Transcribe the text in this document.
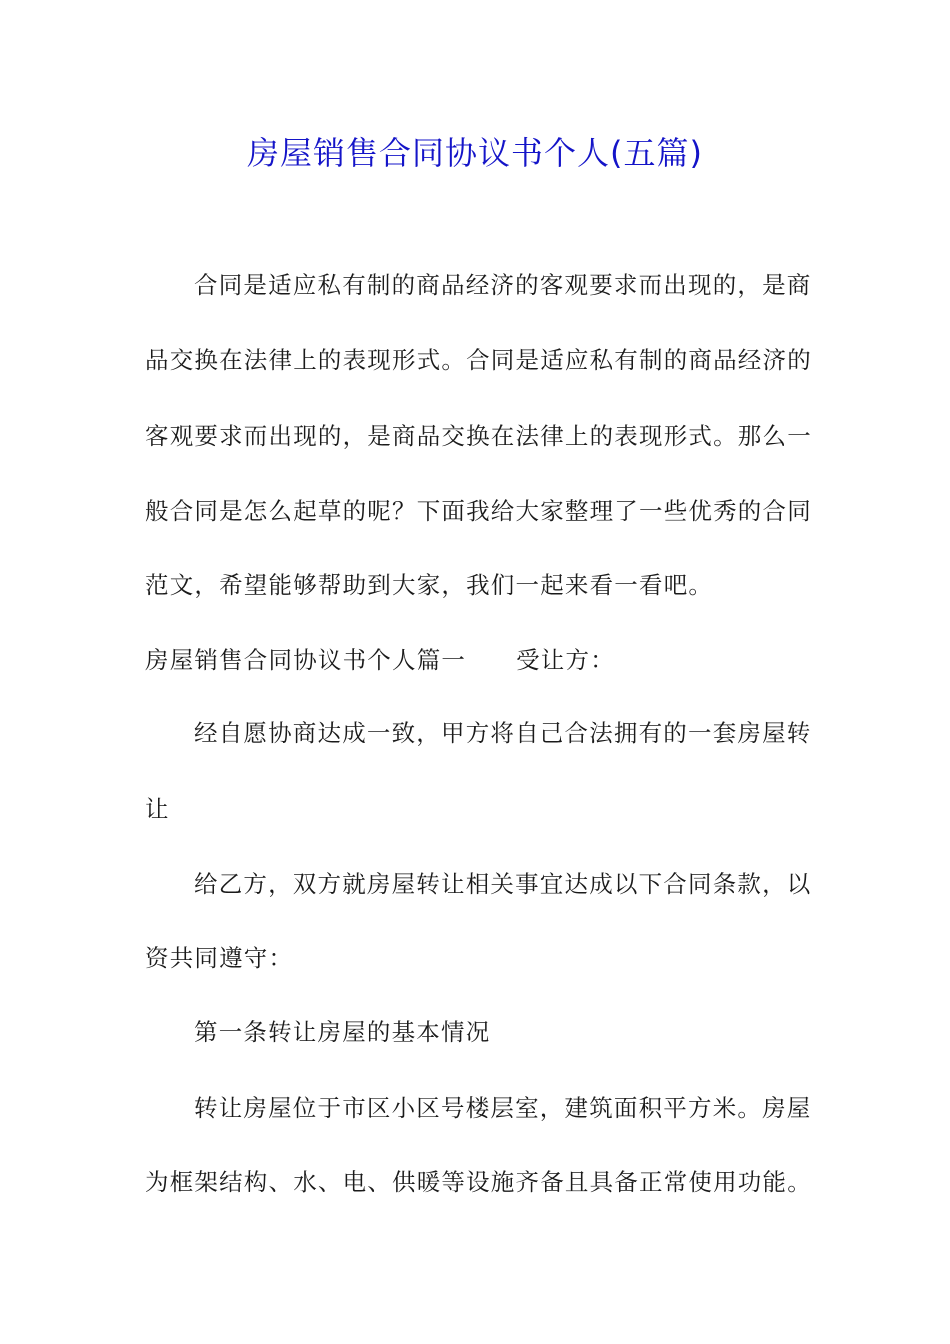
房屋销售合同协议书个人(五篇)
合同是适应私有制的商品经济的客观要求而出现的，是商
品交换在法律上的表现形式。合同是适应私有制的商品经济的
客观要求而出现的，是商品交换在法律上的表现形式。那么一
般合同是怎么起草的呢？下面我给大家整理了一些优秀的合同
范文，希望能够帮助到大家，我们一起来看一看吧。
房屋销售合同协议书个人篇一 受让方：
经自愿协商达成一致，甲方将自己合法拥有的一套房屋转
让
给乙方，双方就房屋转让相关事宜达成以下合同条款，以
资共同遵守：
第一条转让房屋的基本情况
转让房屋位于市区小区号楼层室，建筑面积平方米。房屋
为框架结构、水、电、供暖等设施齐备且具备正常使用功能。
